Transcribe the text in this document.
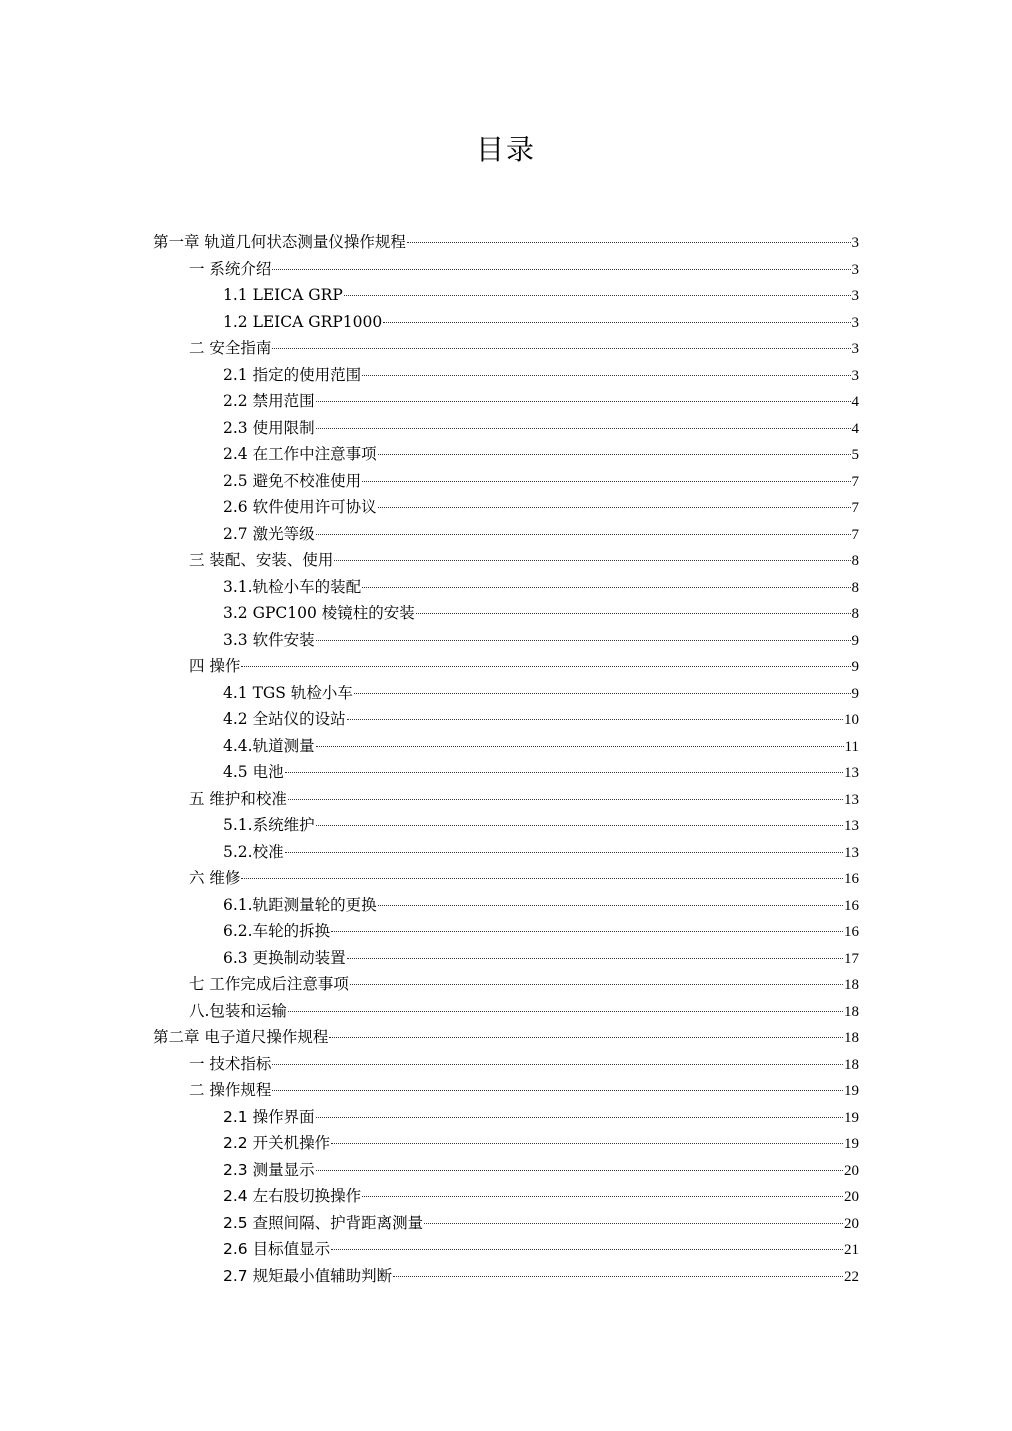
目录
第一章 轨道几何状态测量仪操作规程	3
一 系统介绍	3
1.1 LEICA GRP	3
1.2 LEICA GRP1000	3
二 安全指南	3
2.1 指定的使用范围	3
2.2 禁用范围	4
2.3 使用限制	4
2.4 在工作中注意事项	5
2.5 避免不校准使用	7
2.6 软件使用许可协议	7
2.7 激光等级	7
三 装配、安装、使用	8
3.1.轨检小车的装配	8
3.2 GPC100 棱镜柱的安装	8
3.3 软件安装	9
四 操作	9
4.1 TGS 轨检小车	9
4.2 全站仪的设站	10
4.4.轨道测量	11
4.5 电池	13
五 维护和校准	13
5.1.系统维护	13
5.2.校准	13
六 维修	16
6.1.轨距测量轮的更换	16
6.2.车轮的拆换	16
6.3 更换制动装置	17
七 工作完成后注意事项	18
八.包装和运输	18
第二章 电子道尺操作规程	18
一 技术指标	18
二 操作规程	19
2.1 操作界面	19
2.2 开关机操作	19
2.3 测量显示	20
2.4 左右股切换操作	20
2.5 查照间隔、护背距离测量	20
2.6 目标值显示	21
2.7 规矩最小值辅助判断	22
